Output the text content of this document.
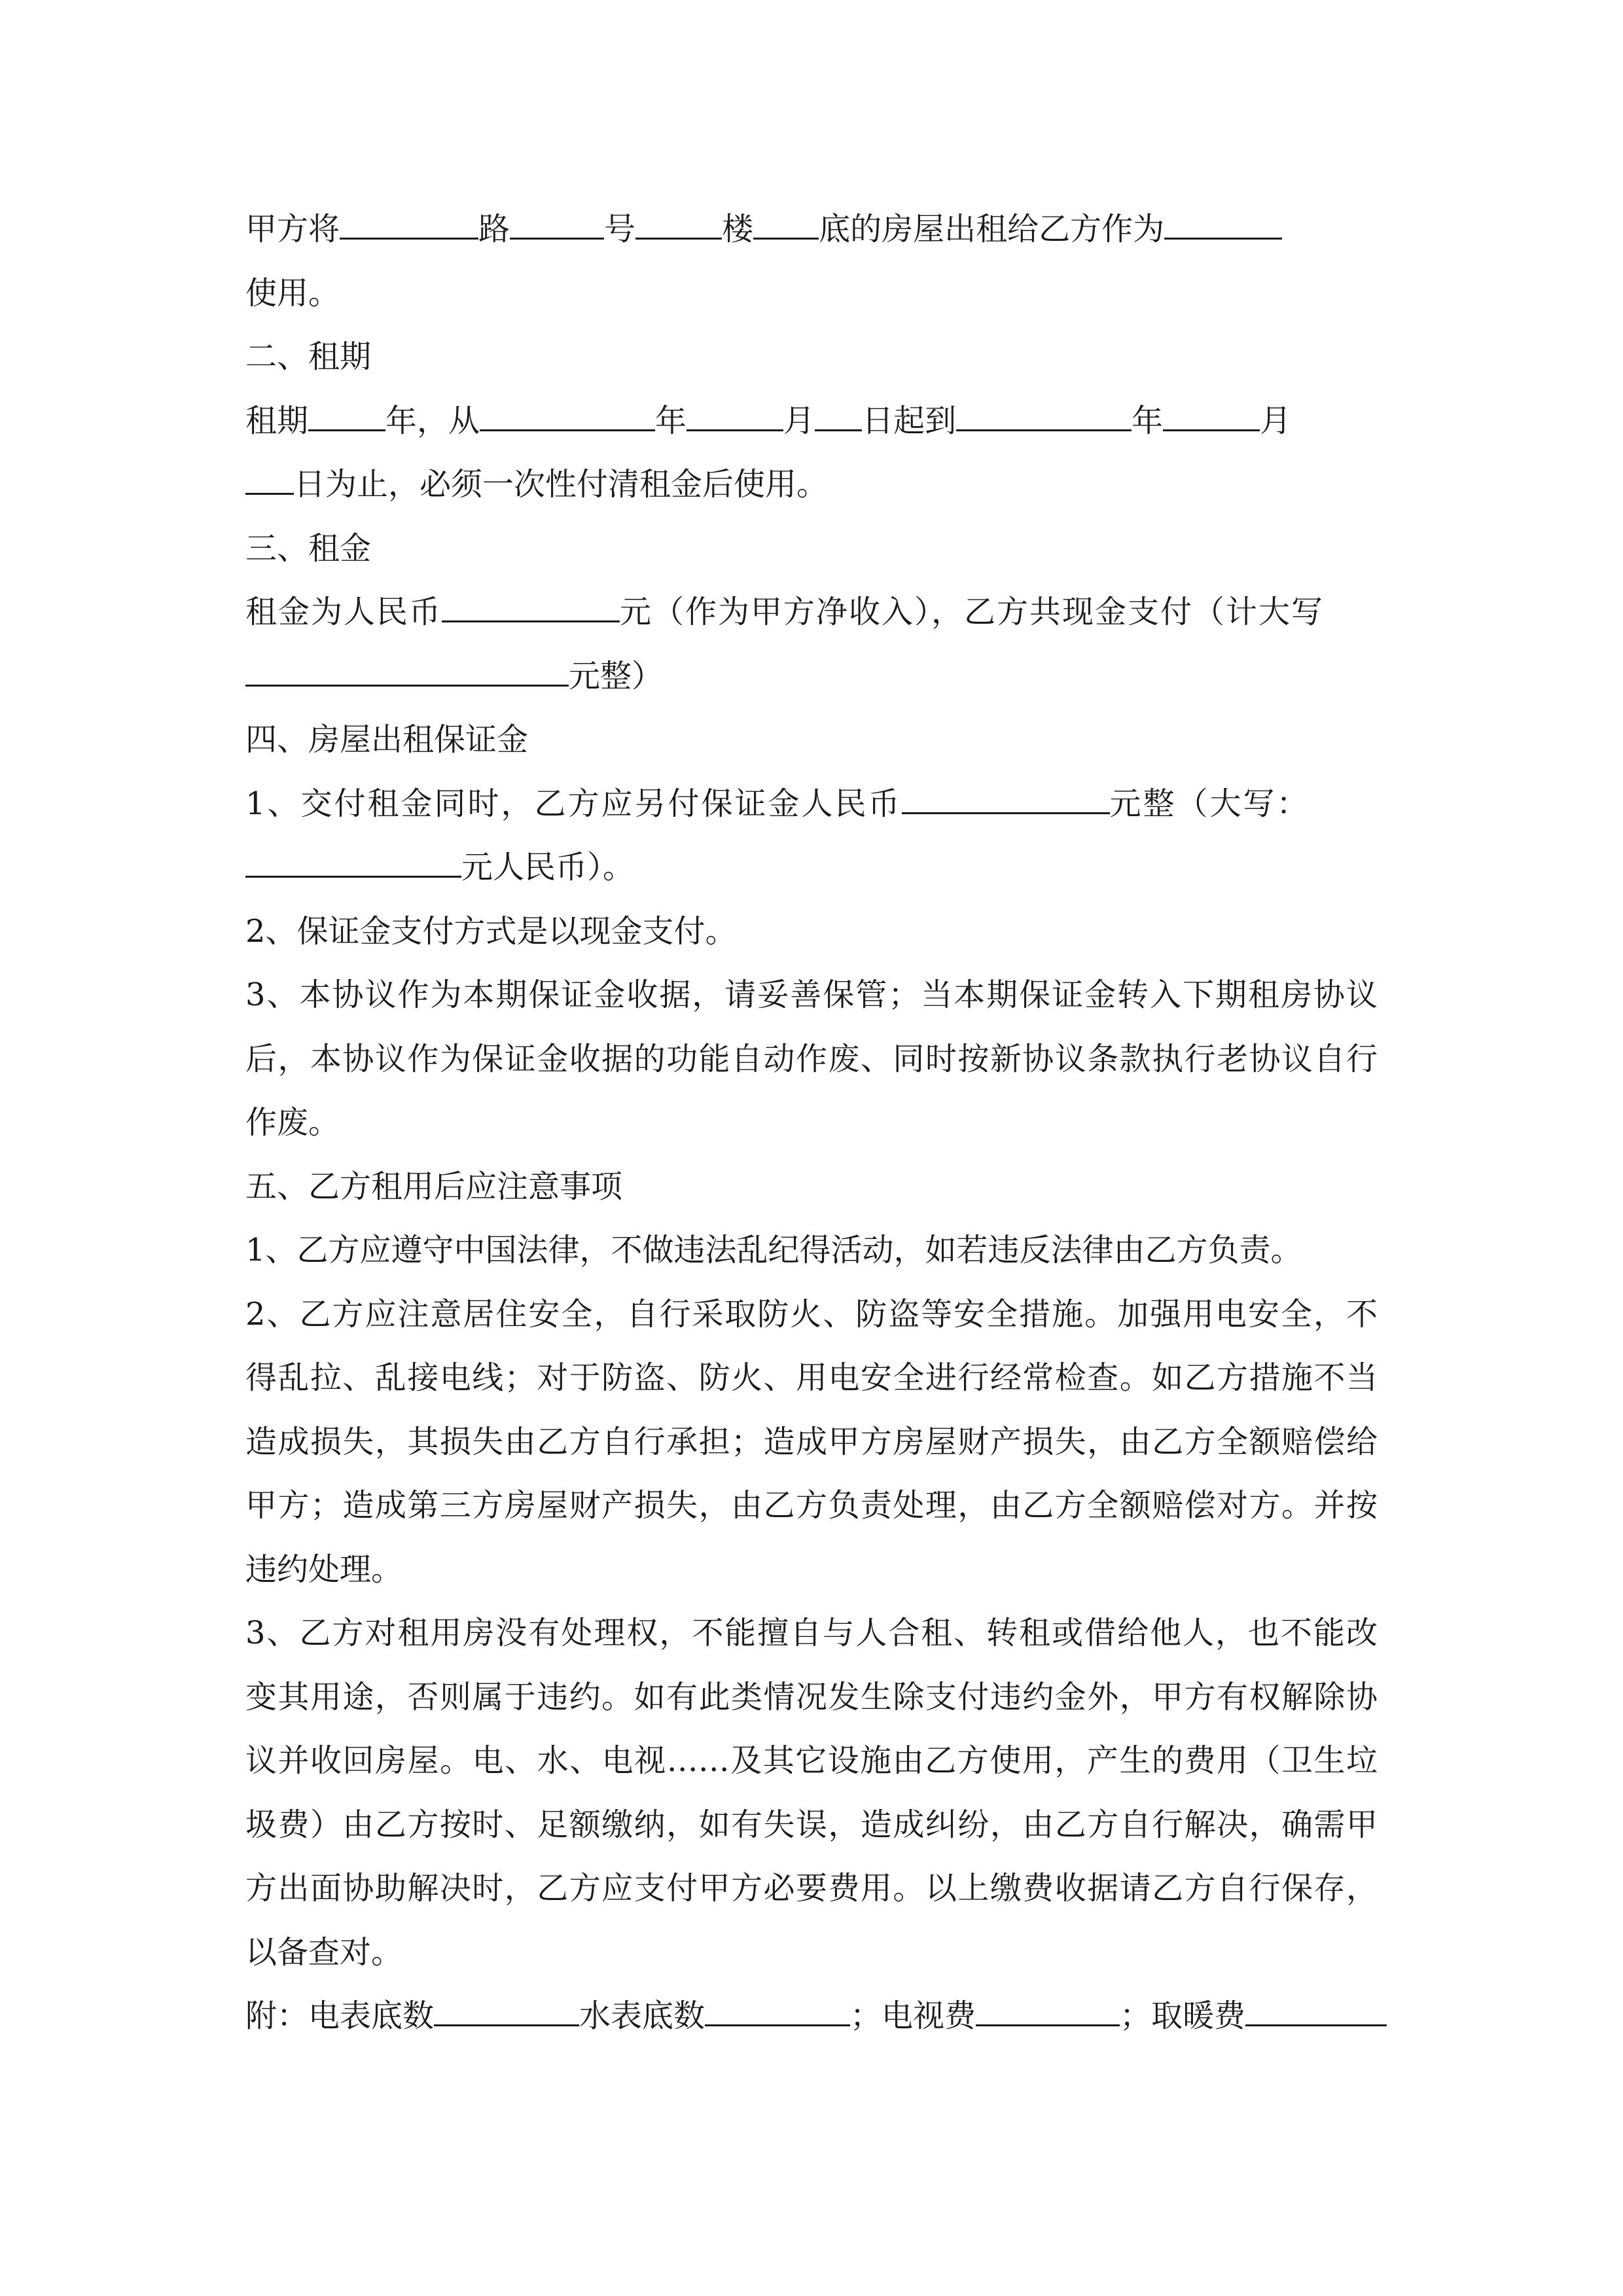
甲方将	路	号	楼 底的房屋出租给乙方作为
使用。
二、租期
租期 年，从	年	月 日起到	年	月
日为止，必须一次性付清租金后使用。
三、租金
租金为人民币	元（作为甲方净收入），乙方共现金支付（计大写
元整）
四、房屋出租保证金
1、交付租金同时，乙方应另付保证金人民币	元整（大写：
元人民币）。
2、保证金支付方式是以现金支付。
3、本协议作为本期保证金收据，请妥善保管；当本期保证金转入下期租房协议
后，本协议作为保证金收据的功能自动作废、同时按新协议条款执行老协议自行
作废。
五、乙方租用后应注意事项
1、乙方应遵守中国法律，不做违法乱纪得活动，如若违反法律由乙方负责。
2、乙方应注意居住安全，自行采取防火、防盗等安全措施。加强用电安全，不
得乱拉、乱接电线；对于防盗、防火、用电安全进行经常检查。如乙方措施不当
造成损失，其损失由乙方自行承担；造成甲方房屋财产损失，由乙方全额赔偿给
甲方；造成第三方房屋财产损失，由乙方负责处理，由乙方全额赔偿对方。并按
违约处理。
3、乙方对租用房没有处理权，不能擅自与人合租、转租或借给他人，也不能改
变其用途，否则属于违约。如有此类情况发生除支付违约金外，甲方有权解除协
议并收回房屋。电、水、电视……及其它设施由乙方使用，产生的费用（卫生垃
圾费）由乙方按时、足额缴纳，如有失误，造成纠纷，由乙方自行解决，确需甲
方出面协助解决时，乙方应支付甲方必要费用。以上缴费收据请乙方自行保存，
以备查对。
附：电表底数	水表底数	；电视费	；取暖费
